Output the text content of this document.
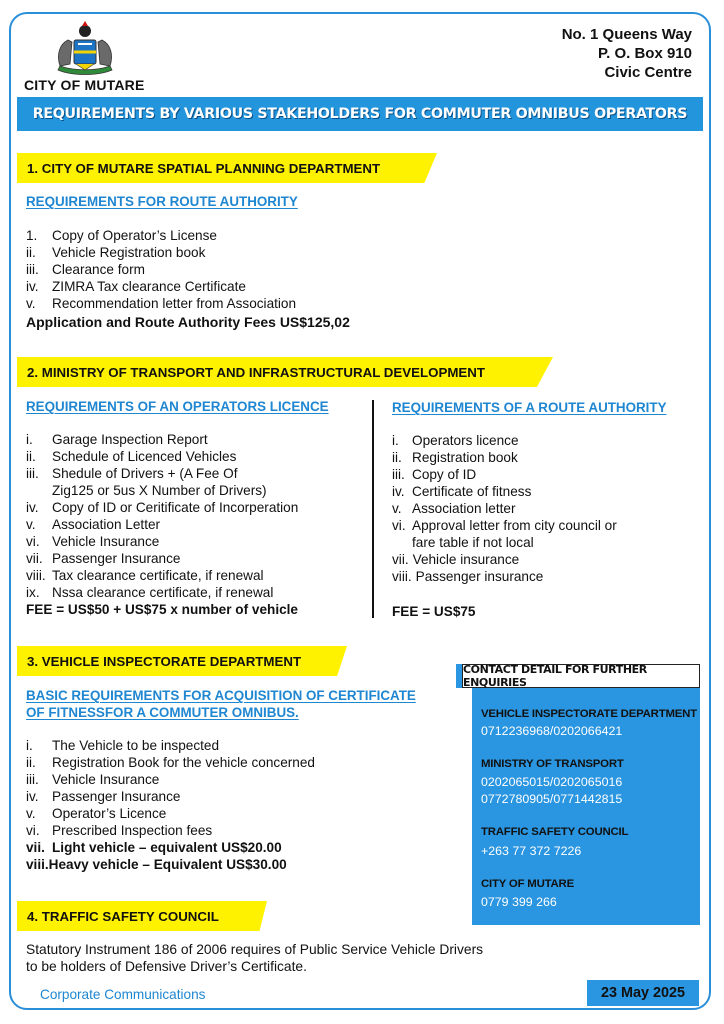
CITY OF MUTARE
No. 1 Queens Way
P. O. Box 910
Civic Centre
REQUIREMENTS BY VARIOUS STAKEHOLDERS FOR COMMUTER OMNIBUS OPERATORS
1. CITY OF MUTARE SPATIAL PLANNING DEPARTMENT
REQUIREMENTS FOR ROUTE AUTHORITY
1.	Copy of Operator’s License
ii.	Vehicle Registration book
iii. Clearance form
iv. ZIMRA Tax clearance Certificate
v.	Recommendation letter from Association
Application and Route Authority Fees US$125,02
2. MINISTRY OF TRANSPORT AND INFRASTRUCTURAL DEVELOPMENT
REQUIREMENTS OF AN OPERATORS LICENCE
i.	Garage Inspection Report
ii.	Schedule of Licenced Vehicles
iii. Shedule of Drivers + (A Fee Of
Zig125 or 5us X Number of Drivers)
iv. Copy of ID or Ceritificate of Incorperation
v.	Association Letter
vi. Vehicle Insurance
vii. Passenger Insurance
viii. Tax clearance certificate, if renewal
ix. Nssa clearance certificate, if renewal
FEE = US$50 + US$75 x number of vehicle
REQUIREMENTS OF A ROUTE AUTHORITY
i. Operators licence
ii. Registration book
iii. Copy of ID
iv. Certificate of fitness
v. Association letter
vi. Approval letter from city council or
fare table if not local
vii. Vehicle insurance
viii. Passenger insurance
FEE = US$75
3. VEHICLE INSPECTORATE DEPARTMENT
BASIC REQUIREMENTS FOR ACQUISITION OF CERTIFICATE
OF FITNESSFOR A COMMUTER OMNIBUS.
i.	The Vehicle to be inspected
ii.	Registration Book for the vehicle concerned
iii. Vehicle Insurance
iv. Passenger Insurance
v.	Operator’s Licence
vi. Prescribed Inspection fees
vii. Light vehicle – equivalent US$20.00
viii. Heavy vehicle – Equivalent US$30.00
4. TRAFFIC SAFETY COUNCIL
Statutory Instrument 186 of 2006 requires of Public Service Vehicle Drivers
to be holders of Defensive Driver’s Certificate.
CONTACT DETAIL FOR FURTHER ENQUIRIES
VEHICLE INSPECTORATE DEPARTMENT
0712236968/0202066421
MINISTRY OF TRANSPORT
0202065015/0202065016
0772780905/0771442815
TRAFFIC SAFETY COUNCIL
+263 77 372 7226
CITY OF MUTARE
0779 399 266
Corporate Communications	23 May 2025
